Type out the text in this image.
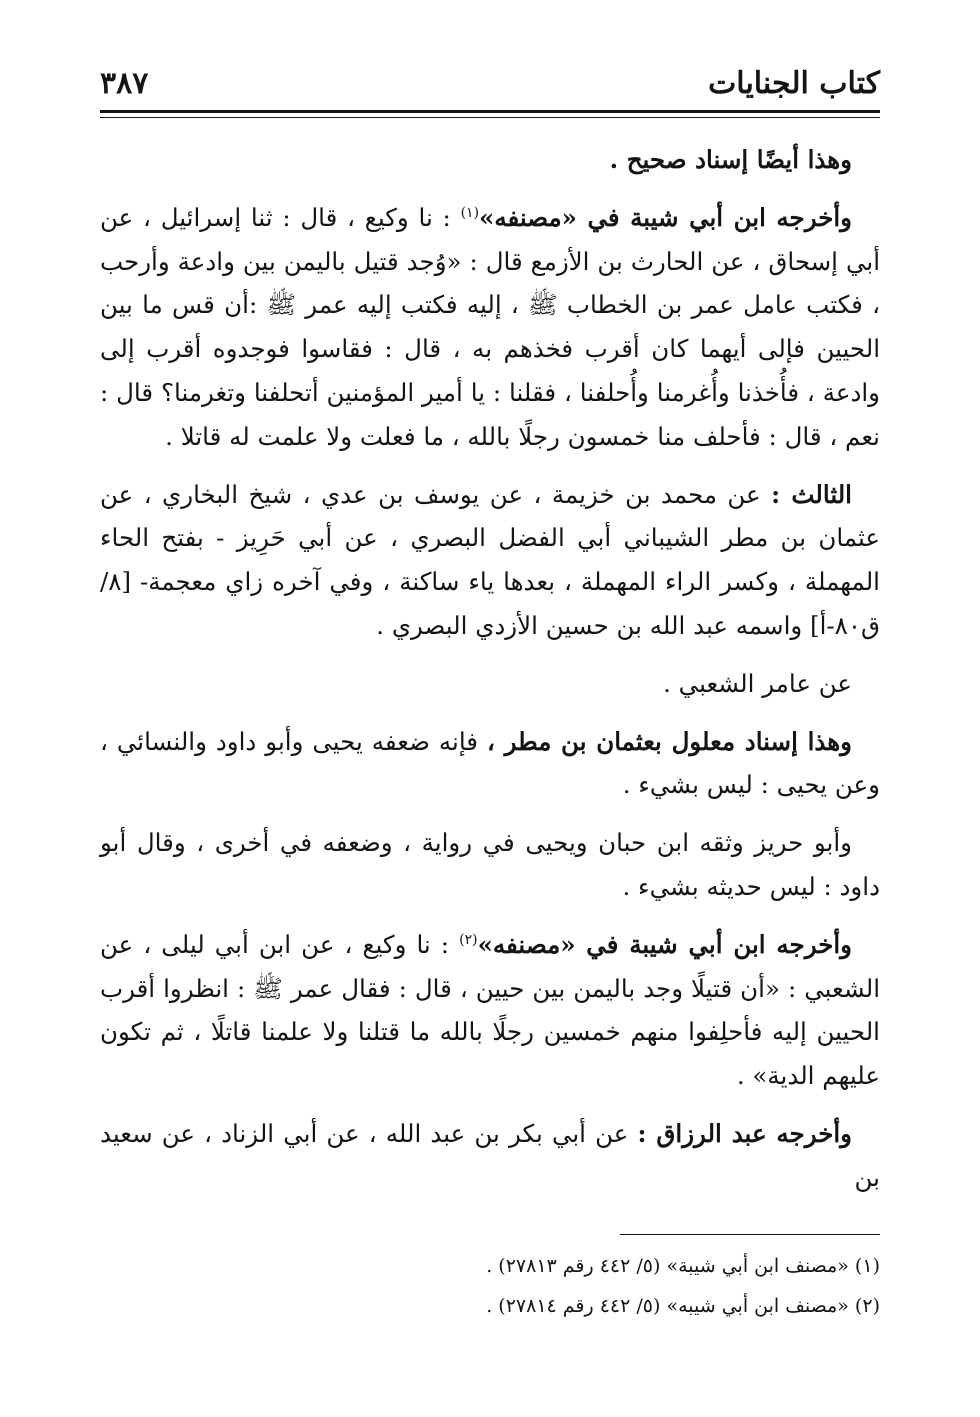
كتاب الجنايات
٣٨٧

وهذا أيضًا إسناد صحيح .

وأخرجه ابن أبي شيبة في «مصنفه»$^{(١)}$ : نا وكيع ، قال : ثنا إسرائيل ، عن أبي إسحاق ، عن الحارث بن الأزمع قال : «وُجد قتيل باليمن بين وادعة وأرحب ، فكتب عامل عمر بن الخطاب ﷺ ، إليه فكتب إليه عمر ﷺ :أن قس ما بين الحيين فإلى أيهما كان أقرب فخذهم به ، قال : فقاسوا فوجدوه أقرب إلى وادعة ، فأُخذنا وأُغرمنا وأُحلفنا ، فقلنا : يا أمير المؤمنين أتحلفنا وتغرمنا؟ قال : نعم ، قال : فأحلف منا خمسون رجلًا بالله ، ما فعلت ولا علمت له قاتلا .

الثالث : عن محمد بن خزيمة ، عن يوسف بن عدي ، شيخ البخاري ، عن عثمان بن مطر الشيباني أبي الفضل البصري ، عن أبي حَرِيز - بفتح الحاء المهملة ، وكسر الراء المهملة ، بعدها ياء ساكنة ، وفي آخره زاي معجمة- [٨/ق٨٠-أ] واسمه عبد الله بن حسين الأزدي البصري .

عن عامر الشعبي .

وهذا إسناد معلول بعثمان بن مطر ، فإنه ضعفه يحيى وأبو داود والنسائي ، وعن يحيى : ليس بشيء .

وأبو حريز وثقه ابن حبان ويحيى في رواية ، وضعفه في أخرى ، وقال أبو داود : ليس حديثه بشيء .

وأخرجه ابن أبي شيبة في «مصنفه»$^{(٢)}$ : نا وكيع ، عن ابن أبي ليلى ، عن الشعبي : «أن قتيلًا وجد باليمن بين حيين ، قال : فقال عمر ﷺ : انظروا أقرب الحيين إليه فأحلِفوا منهم خمسين رجلًا بالله ما قتلنا ولا علمنا قاتلًا ، ثم تكون عليهم الدية» .

وأخرجه عبد الرزاق : عن أبي بكر بن عبد الله ، عن أبي الزناد ، عن سعيد بن

(١) «مصنف ابن أبي شيبة» (٥/ ٤٤٢ رقم ٢٧٨١٣) .
(٢) «مصنف ابن أبي شيبه» (٥/ ٤٤٢ رقم ٢٧٨١٤) .
